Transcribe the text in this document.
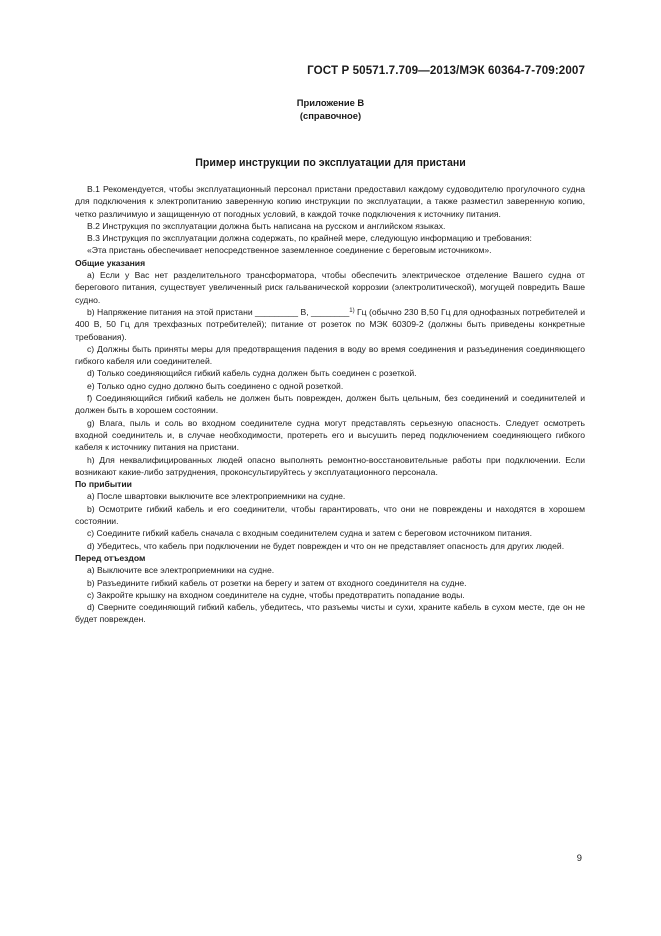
ГОСТ Р 50571.7.709—2013/МЭК 60364-7-709:2007
Приложение В
(справочное)
Пример инструкции по эксплуатации для пристани

В.1 Рекомендуется, чтобы эксплуатационный персонал пристани предоставил каждому судоводителю прогулочного судна для подключения к электропитанию заверенную копию инструкции по эксплуатации, а также разместил заверенную копию, четко различимую и защищенную от погодных условий, в каждой точке подключения к источнику питания.

В.2 Инструкция по эксплуатации должна быть написана на русском и английском языках.

В.3 Инструкция по эксплуатации должна содержать, по крайней мере, следующую информацию и требования:

«Эта пристань обеспечивает непосредственное заземленное соединение с береговым источником».

Общие указания

а) Если у Вас нет разделительного трансформатора, чтобы обеспечить электрическое отделение Вашего судна от берегового питания, существует увеличенный риск гальванической коррозии (электролитической), могущей повредить Ваше судно.

b) Напряжение питания на этой пристани _________ В, ________$^{1)}$ Гц (обычно 230 В,50 Гц для однофазных потребителей и 400 В, 50 Гц для трехфазных потребителей); питание от розеток по МЭК 60309-2 (должны быть приведены конкретные требования).

с) Должны быть приняты меры для предотвращения падения в воду во время соединения и разъединения соединяющего гибкого кабеля или соединителей.

d) Только соединяющийся гибкий кабель судна должен быть соединен с розеткой.

е) Только одно судно должно быть соединено с одной розеткой.

f) Соединяющийся гибкий кабель не должен быть поврежден, должен быть цельным, без соединений и соединителей и должен быть в хорошем состоянии.

g) Влага, пыль и соль во входном соединителе судна могут представлять серьезную опасность. Следует осмотреть входной соединитель и, в случае необходимости, протереть его и высушить перед подключением соединяющего гибкого кабеля к источнику питания на пристани.

h) Для неквалифицированных людей опасно выполнять ремонтно-восстановительные работы при подключении. Если возникают какие-либо затруднения, проконсультируйтесь у эксплуатационного персонала.

По прибытии

а) После швартовки выключите все электроприемники на судне.

b) Осмотрите гибкий кабель и его соединители, чтобы гарантировать, что они не повреждены и находятся в хорошем состоянии.

с) Соедините гибкий кабель сначала с входным соединителем судна и затем с береговом источником питания.

d) Убедитесь, что кабель при подключении не будет поврежден и что он не представляет опасность для других людей.

Перед отъездом

а) Выключите все электроприемники на судне.

b) Разъедините гибкий кабель от розетки на берегу и затем от входного соединителя на судне.

с) Закройте крышку на входном соединителе на судне, чтобы предотвратить попадание воды.

d) Сверните соединяющий гибкий кабель, убедитесь, что разъемы чисты и сухи, храните кабель в сухом месте, где он не будет поврежден.

9
